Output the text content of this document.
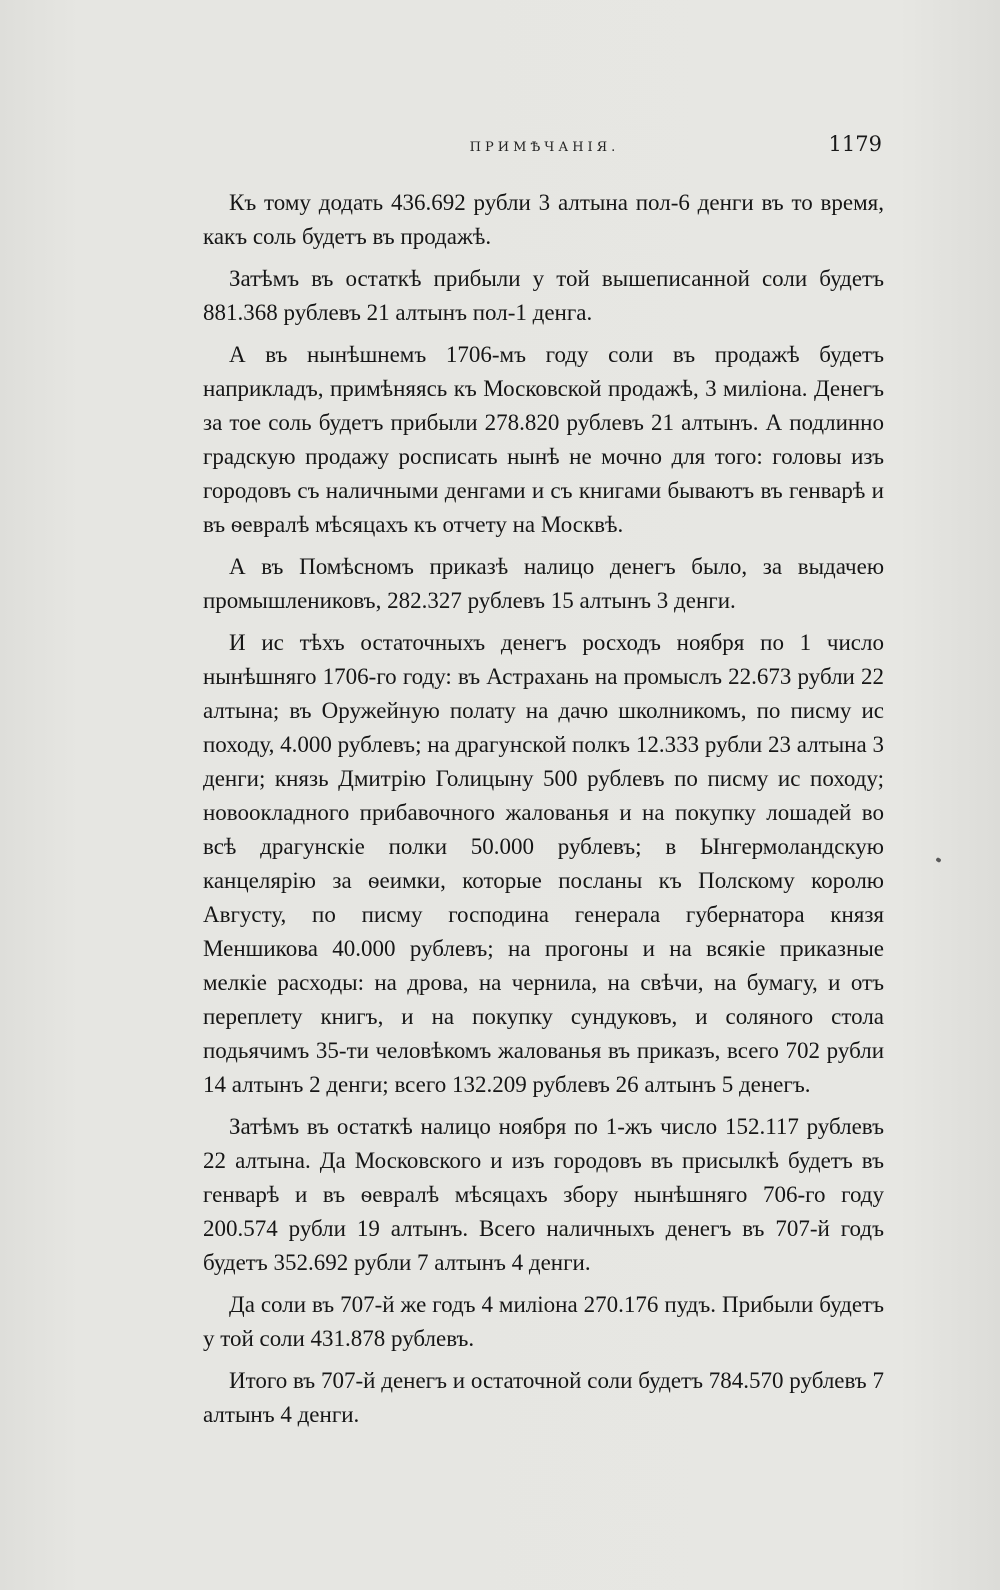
ПРИМѢЧАНІЯ.	1179

Къ тому додать 436.692 рубли 3 алтына пол-6 денги въ то время, какъ соль будетъ въ продажѣ.

Затѣмъ въ остаткѣ прибыли у той вышеписанной соли будетъ 881.368 рублевъ 21 алтынъ пол-1 денга.

А въ нынѣшнемъ 1706-мъ году соли въ продажѣ будетъ наприкладъ, примѣняясь къ Московской продажѣ, 3 миліона. Денегъ за тое соль будетъ прибыли 278.820 рублевъ 21 алтынъ. А подлинно градскую продажу росписать нынѣ не мочно для того: головы изъ городовъ съ наличными денгами и съ книгами бываютъ въ генварѣ и въ ѳевралѣ мѣсяцахъ къ отчету на Москвѣ.

А въ Помѣсномъ приказѣ налицо денегъ было, за выдачею промышлениковъ, 282.327 рублевъ 15 алтынъ 3 денги.

И ис тѣхъ остаточныхъ денегъ росходъ ноября по 1 число нынѣшняго 1706-го году: въ Астрахань на промыслъ 22.673 рубли 22 алтына; въ Оружейную полату на дачю школникомъ, по писму ис походу, 4.000 рублевъ; на драгунской полкъ 12.333 рубли 23 алтына 3 денги; князь Дмитрію Голицыну 500 рублевъ по писму ис походу; новоокладного прибавочного жалованья и на покупку лошадей во всѣ драгунскіе полки 50.000 рублевъ; в Ынгермоландскую канцелярію за ѳеимки, которые посланы къ Полскому королю Августу, по писму господина генерала губернатора князя Меншикова 40.000 рублевъ; на прогоны и на всякіе приказные мелкіе расходы: на дрова, на чернила, на свѣчи, на бумагу, и отъ переплету книгъ, и на покупку сундуковъ, и соляного стола подьячимъ 35-ти человѣкомъ жалованья въ приказъ, всего 702 рубли 14 алтынъ 2 денги; всего 132.209 рублевъ 26 алтынъ 5 денегъ.

Затѣмъ въ остаткѣ налицо ноября по 1-жъ число 152.117 рублевъ 22 алтына. Да Московского и изъ городовъ въ присылкѣ будетъ въ генварѣ и въ ѳевралѣ мѣсяцахъ збору нынѣшняго 706-го году 200.574 рубли 19 алтынъ. Всего наличныхъ денегъ въ 707-й годъ будетъ 352.692 рубли 7 алтынъ 4 денги.

Да соли въ 707-й же годъ 4 миліона 270.176 пудъ. Прибыли будетъ у той соли 431.878 рублевъ.

Итого въ 707-й денегъ и остаточной соли будетъ 784.570 рублевъ 7 алтынъ 4 денги.
